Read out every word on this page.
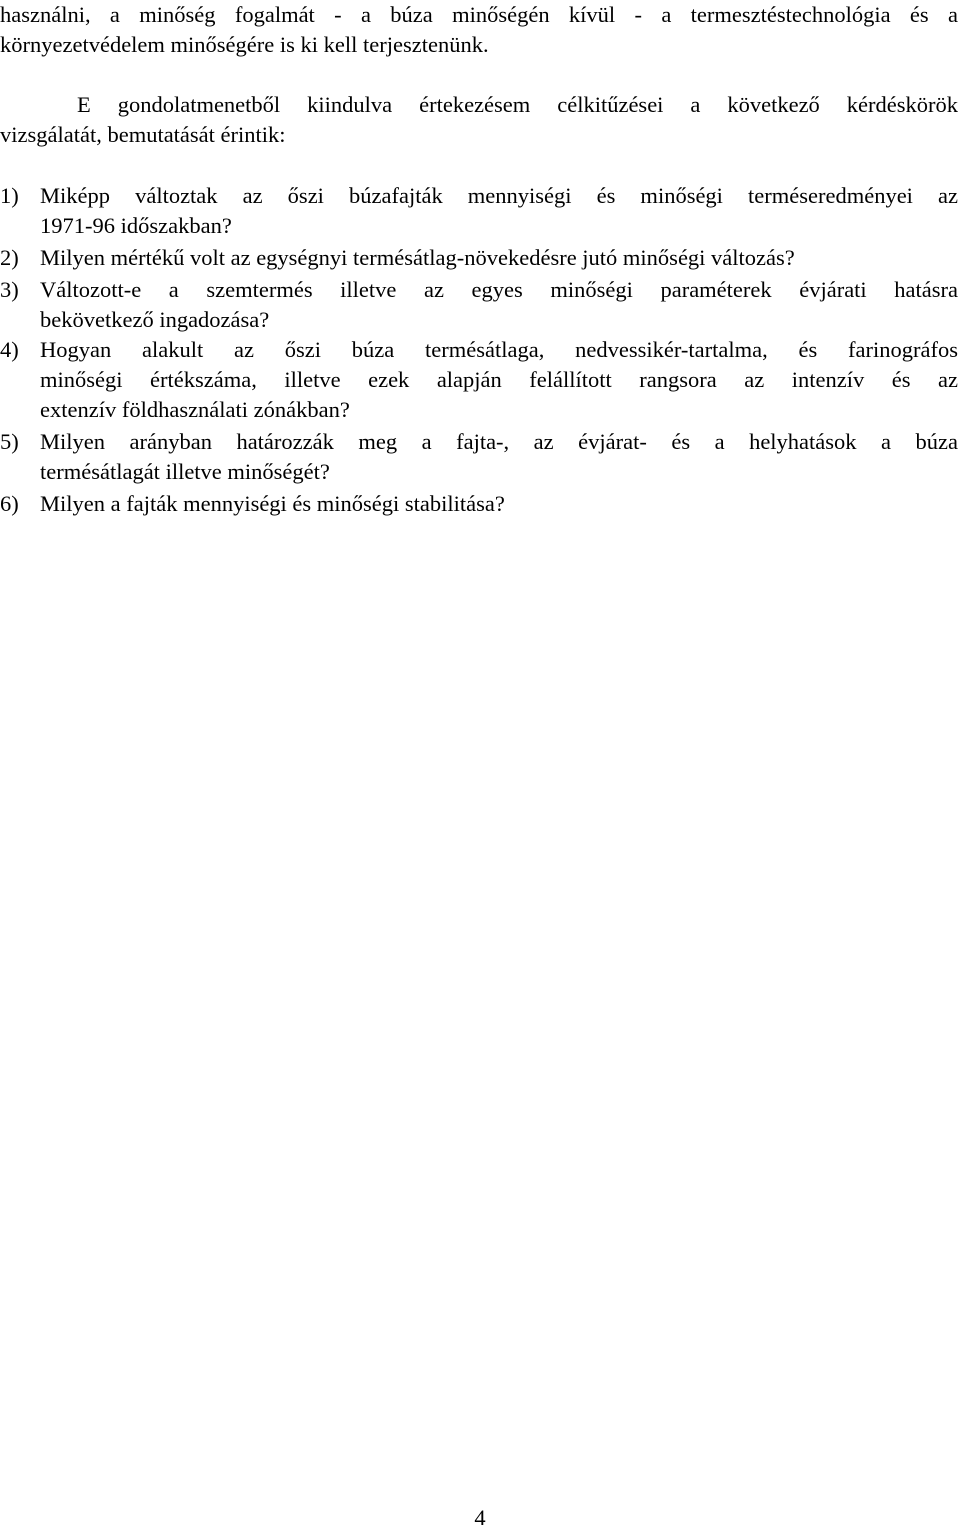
használni, a minőség fogalmát - a búza minőségén kívül - a termesztéstechnológia és a
környezetvédelem minőségére is ki kell terjesztenünk.
E gondolatmenetből kiindulva értekezésem célkitűzései a következő kérdéskörök
vizsgálatát, bemutatását érintik:
1) Miképp változtak az őszi búzafajták mennyiségi és minőségi terméseredményei az
1971-96 időszakban?
2) Milyen mértékű volt az egységnyi termésátlag-növekedésre jutó minőségi változás?
3) Változott-e a szemtermés illetve az egyes minőségi paraméterek évjárati hatásra
bekövetkező ingadozása?
4) Hogyan alakult az őszi búza termésátlaga, nedvessikér-tartalma, és farinográfos
minőségi értékszáma, illetve ezek alapján felállított rangsora az intenzív és az
extenzív földhasználati zónákban?
5) Milyen arányban határozzák meg a fajta-, az évjárat- és a helyhatások a búza
termésátlagát illetve minőségét?
6) Milyen a fajták mennyiségi és minőségi stabilitása?
4
